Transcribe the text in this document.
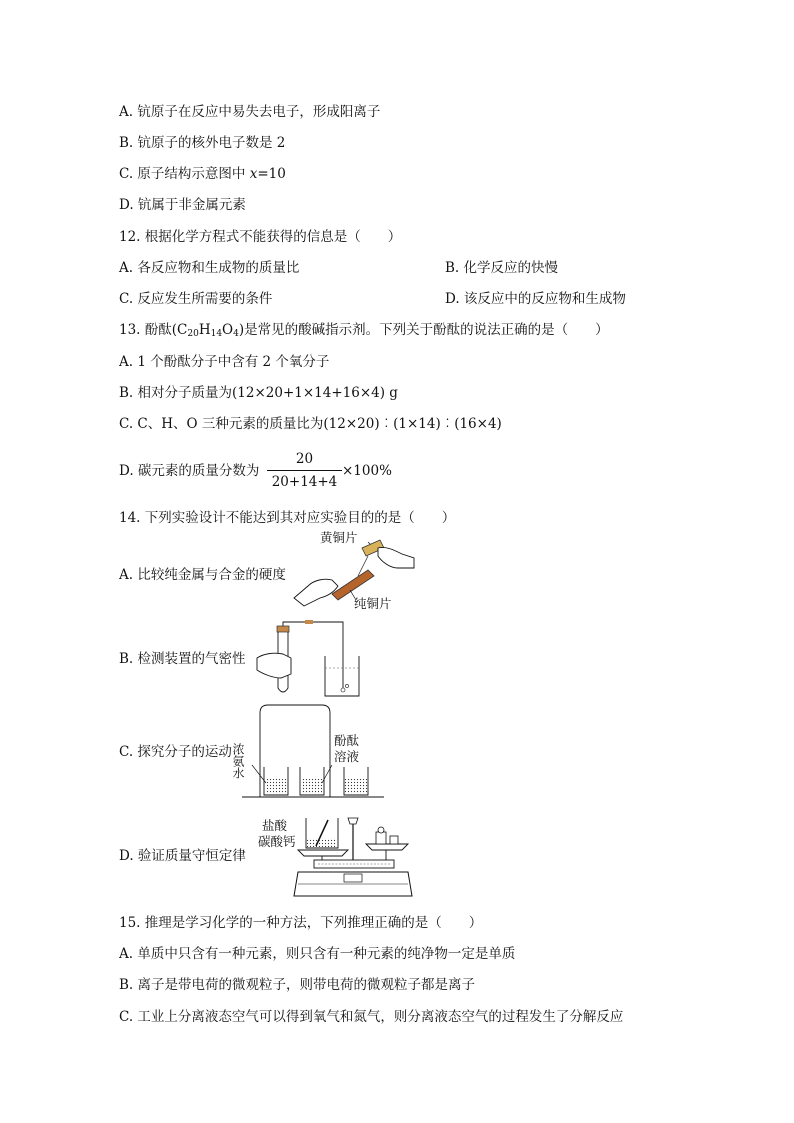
A. 钪原子在反应中易失去电子，形成阳离子
B. 钪原子的核外电子数是 2
C. 原子结构示意图中 x=10
D. 钪属于非金属元素
12. 根据化学方程式不能获得的信息是（　　）
A. 各反应物和生成物的质量比	B. 化学反应的快慢
C. 反应发生所需要的条件	D. 该反应中的反应物和生成物
13. 酚酞$(C_{20}H_{14}O_4)$是常见的酸碱指示剂。下列关于酚酞的说法正确的是（　　）
A. 1 个酚酞分子中含有 2 个氧分子
B. 相对分子质量为(12×20+1×14+16×4) g
C. C、H、O 三种元素的质量比为(12×20)︰(1×14)︰(16×4)
D. 碳元素的质量分数为
20
20+14+4
×100%
14. 下列实验设计不能达到其对应实验目的的是（　　）
A. 比较纯金属与合金的硬度
B. 检测装置的气密性
C. 探究分子的运动
D. 验证质量守恒定律
黄铜片
纯铜片
浓氨水
酚酞
溶液
盐酸
碳酸钙
15. 推理是学习化学的一种方法，下列推理正确的是（　　）
A. 单质中只含有一种元素，则只含有一种元素的纯净物一定是单质
B. 离子是带电荷的微观粒子，则带电荷的微观粒子都是离子
C. 工业上分离液态空气可以得到氧气和氮气，则分离液态空气的过程发生了分解反应
